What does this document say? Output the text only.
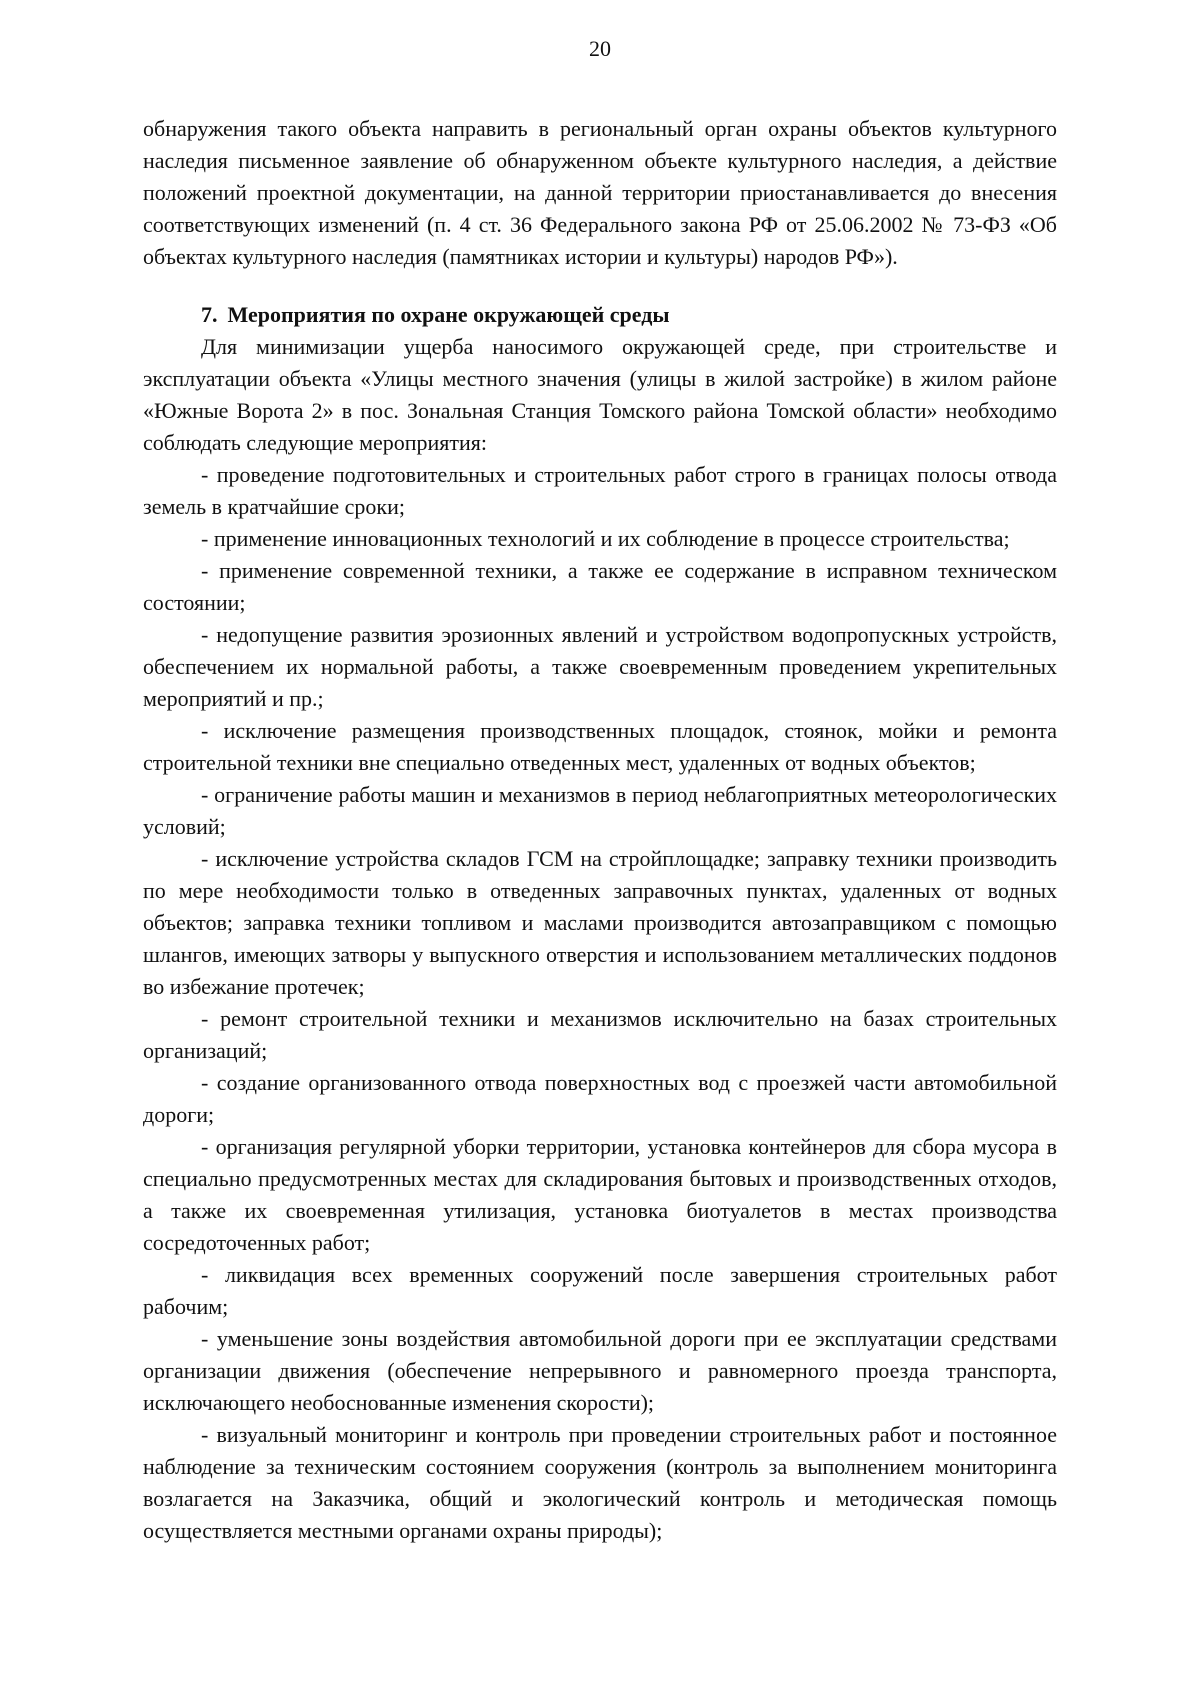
20

обнаружения такого объекта направить в региональный орган охраны объектов культурного наследия письменное заявление об обнаруженном объекте культурного наследия, а действие положений проектной документации, на данной территории приостанавливается до внесения соответствующих изменений (п. 4 ст. 36 Федерального закона РФ от 25.06.2002 № 73-ФЗ «Об объектах культурного наследия (памятниках истории и культуры) народов РФ»).

7. Мероприятия по охране окружающей среды

Для минимизации ущерба наносимого окружающей среде, при строительстве и эксплуатации объекта «Улицы местного значения (улицы в жилой застройке) в жилом районе «Южные Ворота 2» в пос. Зональная Станция Томского района Томской области» необходимо соблюдать следующие мероприятия:

- проведение подготовительных и строительных работ строго в границах полосы отвода земель в кратчайшие сроки;

- применение инновационных технологий и их соблюдение в процессе строительства;

- применение современной техники, а также ее содержание в исправном техническом состоянии;

- недопущение развития эрозионных явлений и устройством водопропускных устройств, обеспечением их нормальной работы, а также своевременным проведением укрепительных мероприятий и пр.;

- исключение размещения производственных площадок, стоянок, мойки и ремонта строительной техники вне специально отведенных мест, удаленных от водных объектов;

- ограничение работы машин и механизмов в период неблагоприятных метеорологических условий;

- исключение устройства складов ГСМ на стройплощадке; заправку техники производить по мере необходимости только в отведенных заправочных пунктах, удаленных от водных объектов; заправка техники топливом и маслами производится автозаправщиком с помощью шлангов, имеющих затворы у выпускного отверстия и использованием металлических поддонов во избежание протечек;

- ремонт строительной техники и механизмов исключительно на базах строительных организаций;

- создание организованного отвода поверхностных вод с проезжей части автомобильной дороги;

- организация регулярной уборки территории, установка контейнеров для сбора мусора в специально предусмотренных местах для складирования бытовых и производственных отходов, а также их своевременная утилизация, установка биотуалетов в местах производства сосредоточенных работ;

- ликвидация всех временных сооружений после завершения строительных работ рабочим;

- уменьшение зоны воздействия автомобильной дороги при ее эксплуатации средствами организации движения (обеспечение непрерывного и равномерного проезда транспорта, исключающего необоснованные изменения скорости);

- визуальный мониторинг и контроль при проведении строительных работ и постоянное наблюдение за техническим состоянием сооружения (контроль за выполнением мониторинга возлагается на Заказчика, общий и экологический контроль и методическая помощь осуществляется местными органами охраны природы);
